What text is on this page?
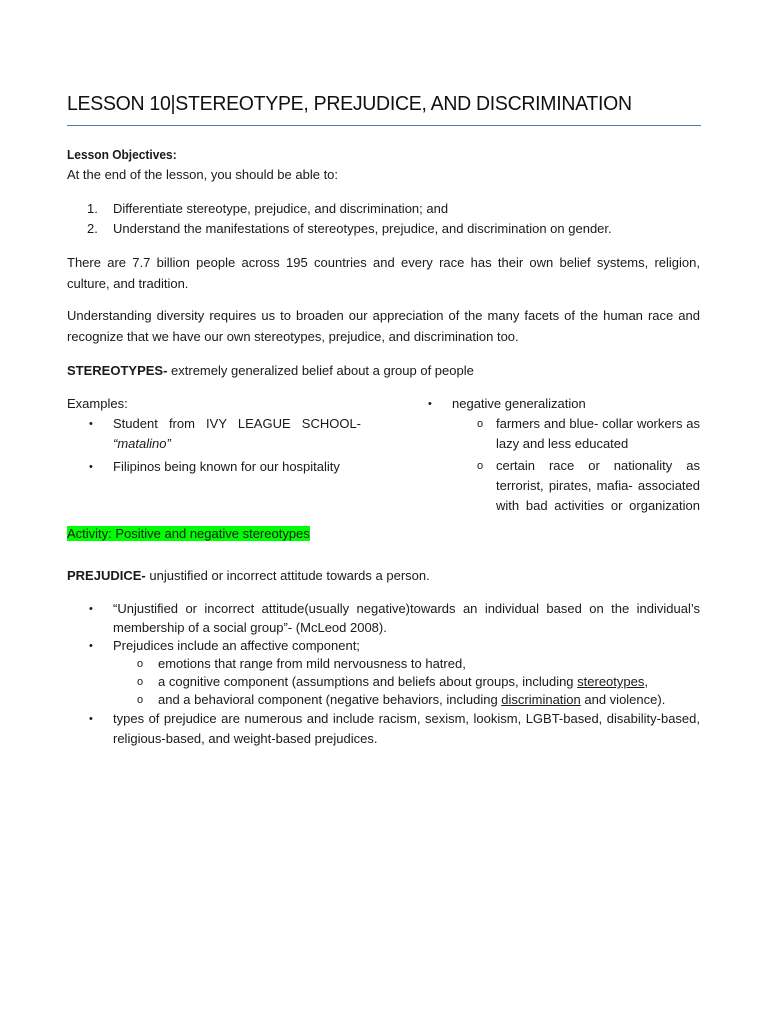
LESSON 10|STEREOTYPE, PREJUDICE, AND DISCRIMINATION
Lesson Objectives:
At the end of the lesson, you should be able to:
1. Differentiate stereotype, prejudice, and discrimination; and
2. Understand the manifestations of stereotypes, prejudice, and discrimination on gender.
There are 7.7 billion people across 195 countries and every race has their own belief systems, religion, culture, and tradition.
Understanding diversity requires us to broaden our appreciation of the many facets of the human race and recognize that we have our own stereotypes, prejudice, and discrimination too.
STEREOTYPES- extremely generalized belief about a group of people
Examples:
• Student from IVY LEAGUE SCHOOL-
“matalino”
• Filipinos being known for our hospitality
• negative generalization
o farmers and blue- collar workers as lazy and less educated
o certain race or nationality as terrorist, pirates, mafia- associated with bad activities or organization
Activity: Positive and negative stereotypes
PREJUDICE- unjustified or incorrect attitude towards a person.
• “Unjustified or incorrect attitude(usually negative)towards an individual based on the individual’s membership of a social group”- (McLeod 2008).
• Prejudices include an affective component;
o emotions that range from mild nervousness to hatred,
o a cognitive component (assumptions and beliefs about groups, including stereotypes,
o and a behavioral component (negative behaviors, including discrimination and violence).
• types of prejudice are numerous and include racism, sexism, lookism, LGBT-based, disability-based, religious-based, and weight-based prejudices.
